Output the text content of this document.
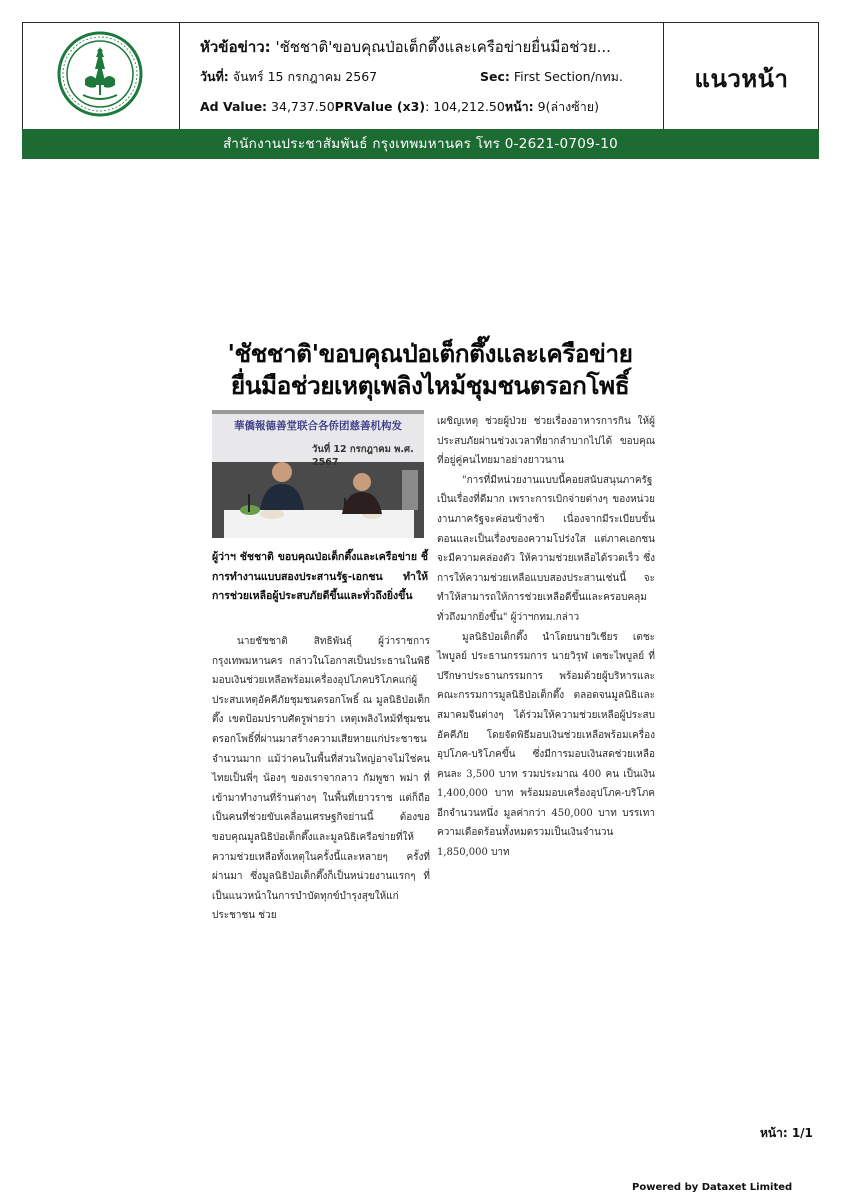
หัวข้อข่าว: 'ชัชชาติ'ขอบคุณป่อเต็กตึ๊งและเครือข่ายยื่นมือช่วย...
วันที่: จันทร์ 15 กรกฎาคม 2567	Sec: First Section/กทม.
Ad Value: 34,737.50PRValue (x3): 104,212.50หน้า: 9(ล่างซ้าย)
แนวหน้า
สำนักงานประชาสัมพันธ์ กรุงเทพมหานคร โทร 0-2621-0709-10
'ชัชชาติ'ขอบคุณป่อเต็กตึ๊งและเครือข่าย
ยื่นมือช่วยเหตุเพลิงไหม้ชุมชนตรอกโพธิ์
華僑報德善堂联合各侨团慈善机构发
วันที่ 12 กรกฎาคม พ.ศ. 2567
ผู้ว่าฯ ชัชชาติ ขอบคุณป่อเต็กตึ๊งและเครือข่าย ชี้การทำงานแบบสองประสานรัฐ-เอกชน ทำให้การช่วยเหลือผู้ประสบภัยดีขึ้นและทั่วถึงยิ่งขึ้น

นายชัชชาติ สิทธิพันธุ์ ผู้ว่าราชการกรุงเทพมหานคร กล่าวในโอกาสเป็นประธานในพิธีมอบเงินช่วยเหลือพร้อมเครื่องอุปโภคบริโภคแก่ผู้ประสบเหตุอัคคีภัยชุมชนตรอกโพธิ์ ณ มูลนิธิป่อเต็กตึ๊ง เขตป้อมปราบศัตรูพ่ายว่า เหตุเพลิงไหม้ที่ชุมชนตรอกโพธิ์ที่ผ่านมาสร้างความเสียหายแก่ประชาชนจำนวนมาก แม้ว่าคนในพื้นที่ส่วนใหญ่อาจไม่ใช่คนไทยเป็นพี่ๆ น้องๆ ของเราจากลาว กัมพูชา พม่า ที่เข้ามาทำงานที่ร้านต่างๆ ในพื้นที่เยาวราช แต่ก็ถือเป็นคนที่ช่วยขับเคลื่อนเศรษฐกิจย่านนี้ ต้องขอขอบคุณมูลนิธิป่อเต็กตึ๊งและมูลนิธิเครือข่ายที่ให้ความช่วยเหลือทั้งเหตุในครั้งนี้และหลายๆ ครั้งที่ผ่านมา ซึ่งมูลนิธิป่อเต็กตึ๊งก็เป็นหน่วยงานแรกๆ ที่เป็นแนวหน้าในการบำบัดทุกข์บำรุงสุขให้แก่ประชาชน ช่วย

เผชิญเหตุ ช่วยผู้ป่วย ช่วยเรื่องอาหารการกิน ให้ผู้ประสบภัยผ่านช่วงเวลาที่ยากลำบากไปได้ ขอบคุณที่อยู่คู่คนไทยมาอย่างยาวนาน

"การที่มีหน่วยงานแบบนี้คอยสนับสนุนภาครัฐเป็นเรื่องที่ดีมาก เพราะการเบิกจ่ายต่างๆ ของหน่วยงานภาครัฐจะค่อนข้างช้า เนื่องจากมีระเบียบขั้นตอนและเป็นเรื่องของความโปร่งใส แต่ภาคเอกชนจะมีความคล่องตัว ให้ความช่วยเหลือได้รวดเร็ว ซึ่งการให้ความช่วยเหลือแบบสองประสานเช่นนี้ จะทำให้สามารถให้การช่วยเหลือดีขึ้นและครอบคลุมทั่วถึงมากยิ่งขึ้น" ผู้ว่าฯกทม.กล่าว

มูลนิธิป่อเต็กตึ๊ง นำโดยนายวิเชียร เตชะไพบูลย์ ประธานกรรมการ นายวิรุฬ เตชะไพบูลย์ ที่ปรึกษาประธานกรรมการ พร้อมด้วยผู้บริหารและคณะกรรมการมูลนิธิป่อเต็กตึ๊ง ตลอดจนมูลนิธิและสมาคมจีนต่างๆ ได้ร่วมให้ความช่วยเหลือผู้ประสบอัคคีภัย โดยจัดพิธีมอบเงินช่วยเหลือพร้อมเครื่องอุปโภค-บริโภคขึ้น ซึ่งมีการมอบเงินสดช่วยเหลือคนละ 3,500 บาท รวมประมาณ 400 คน เป็นเงิน 1,400,000 บาท พร้อมมอบเครื่องอุปโภค-บริโภคอีกจำนวนหนึ่ง มูลค่ากว่า 450,000 บาท บรรเทาความเดือดร้อนทั้งหมดรวมเป็นเงินจำนวน 1,850,000 บาท

หน้า: 1/1
Powered by Dataxet Limited
